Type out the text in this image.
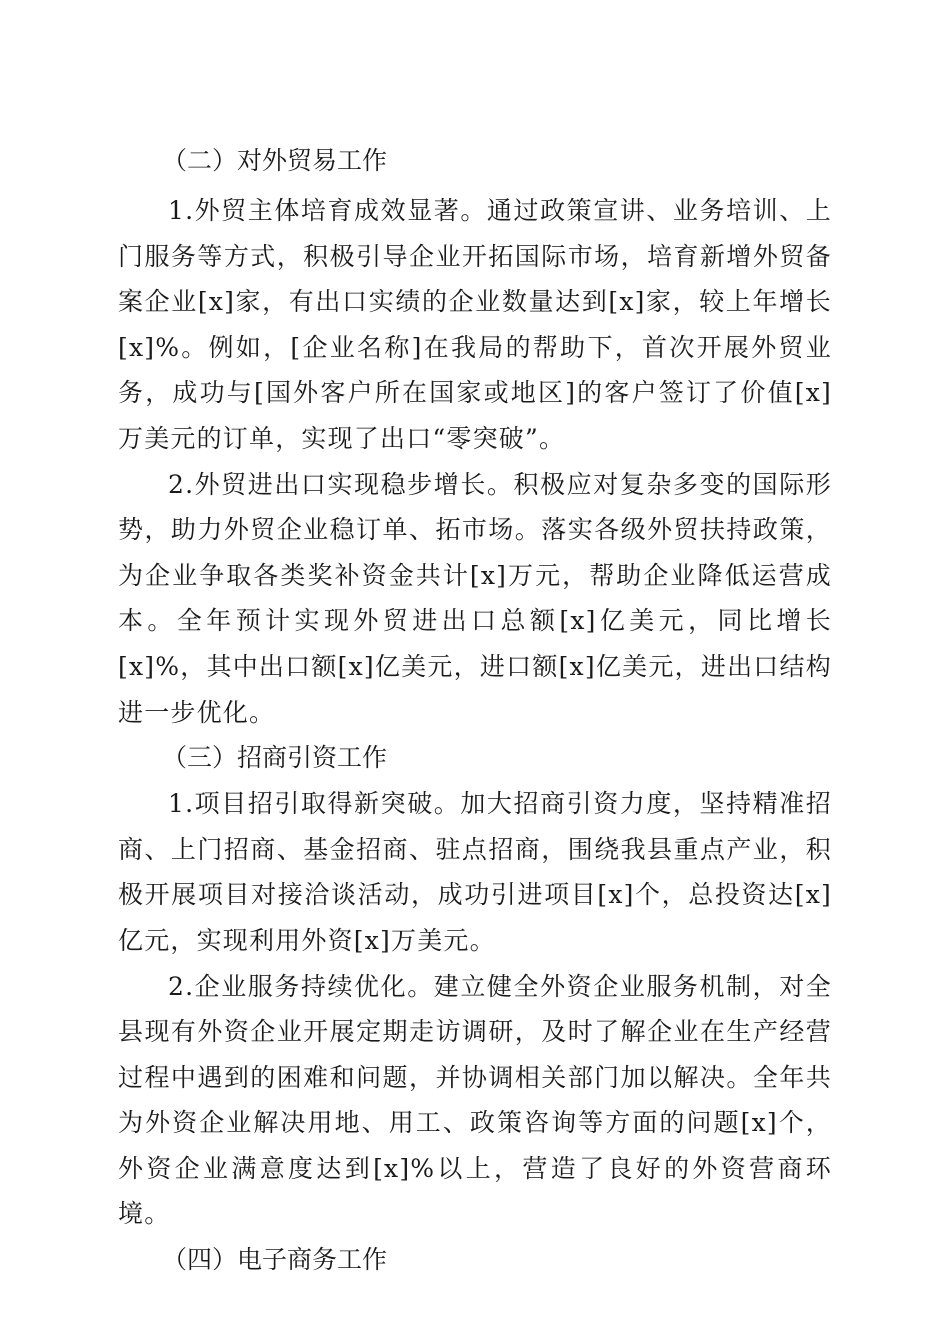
（二）对外贸易工作

1.外贸主体培育成效显著。通过政策宣讲、业务培训、上门服务等方式，积极引导企业开拓国际市场，培育新增外贸备案企业[x]家，有出口实绩的企业数量达到[x]家，较上年增长[x]%。例如，[企业名称]在我局的帮助下，首次开展外贸业务，成功与[国外客户所在国家或地区]的客户签订了价值[x]万美元的订单，实现了出口“零突破”。

2.外贸进出口实现稳步增长。积极应对复杂多变的国际形势，助力外贸企业稳订单、拓市场。落实各级外贸扶持政策，为企业争取各类奖补资金共计[x]万元，帮助企业降低运营成本。全年预计实现外贸进出口总额[x]亿美元，同比增长[x]%，其中出口额[x]亿美元，进口额[x]亿美元，进出口结构进一步优化。

（三）招商引资工作

1.项目招引取得新突破。加大招商引资力度，坚持精准招商、上门招商、基金招商、驻点招商，围绕我县重点产业，积极开展项目对接洽谈活动，成功引进项目[x]个，总投资达[x]亿元，实现利用外资[x]万美元。

2.企业服务持续优化。建立健全外资企业服务机制，对全县现有外资企业开展定期走访调研，及时了解企业在生产经营过程中遇到的困难和问题，并协调相关部门加以解决。全年共为外资企业解决用地、用工、政策咨询等方面的问题[x]个，外资企业满意度达到[x]%以上，营造了良好的外资营商环境。

（四）电子商务工作
